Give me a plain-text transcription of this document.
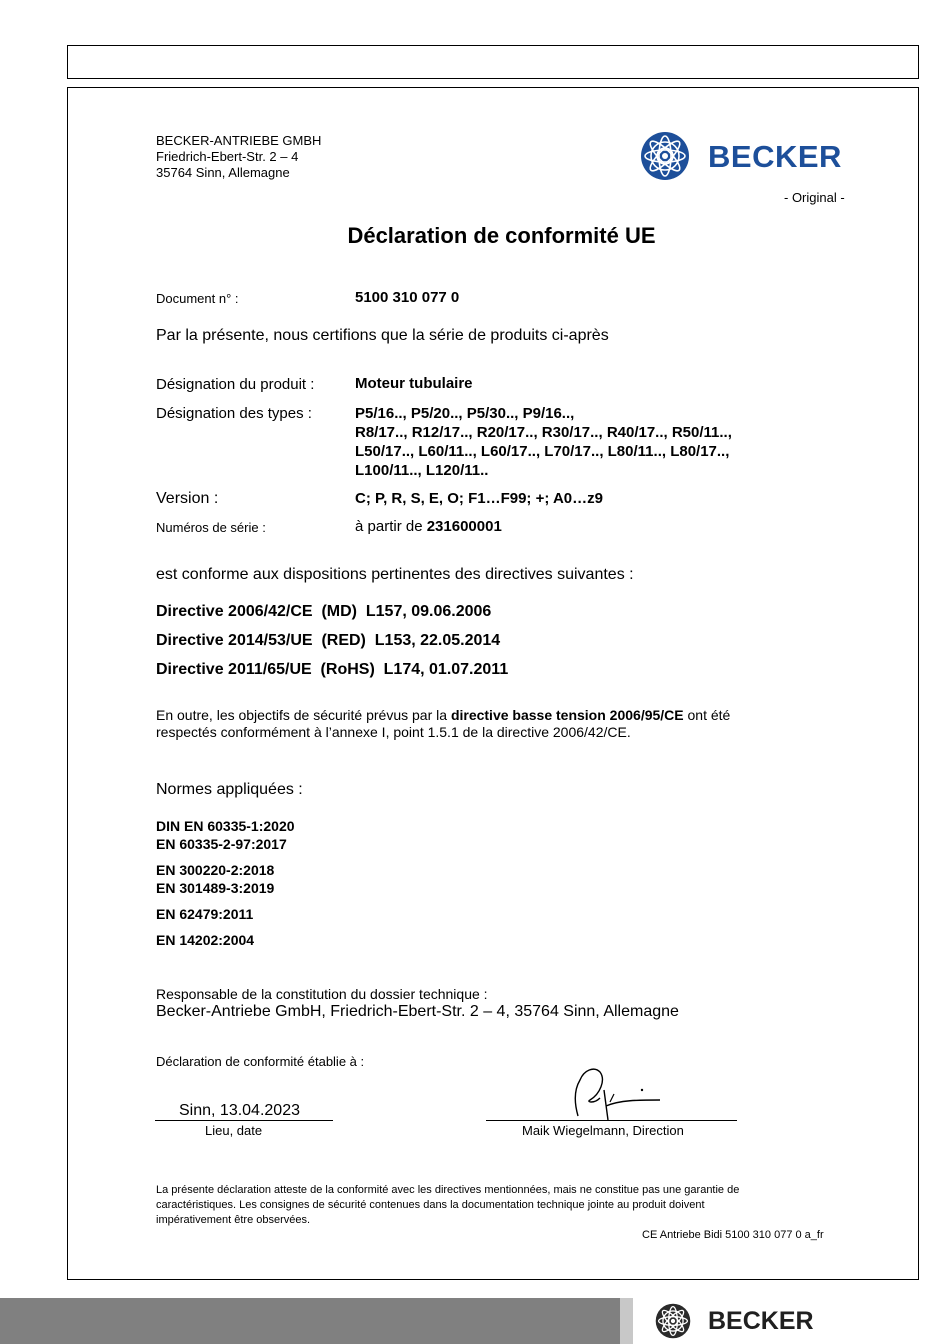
BECKER-ANTRIEBE GMBH
Friedrich-Ebert-Str. 2 – 4
35764 Sinn, Allemagne	BECKER
- Original -
Déclaration de conformité UE
Document n° :	5100 310 077 0
Par la présente, nous certifions que la série de produits ci-après
Désignation du produit :	Moteur tubulaire
Désignation des types :	P5/16.., P5/20.., P5/30.., P9/16..,
R8/17.., R12/17.., R20/17.., R30/17.., R40/17.., R50/11..,
L50/17.., L60/11.., L60/17.., L70/17.., L80/11.., L80/17..,
L100/11.., L120/11..
Version :	C; P, R, S, E, O; F1…F99; +; A0…z9
Numéros de série :	à partir de 231600001
est conforme aux dispositions pertinentes des directives suivantes :
Directive 2006/42/CE  (MD)  L157, 09.06.2006
Directive 2014/53/UE  (RED)  L153, 22.05.2014
Directive 2011/65/UE  (RoHS)  L174, 01.07.2011
En outre, les objectifs de sécurité prévus par la directive basse tension 2006/95/CE ont été
respectés conformément à l’annexe I, point 1.5.1 de la directive 2006/42/CE.
Normes appliquées :
DIN EN 60335-1:2020
EN 60335-2-97:2017
EN 300220-2:2018
EN 301489-3:2019
EN 62479:2011
EN 14202:2004
Responsable de la constitution du dossier technique :
Becker-Antriebe GmbH, Friedrich-Ebert-Str. 2 – 4, 35764 Sinn, Allemagne
Déclaration de conformité établie à :
Sinn, 13.04.2023
Lieu, date	Maik Wiegelmann, Direction
La présente déclaration atteste de la conformité avec les directives mentionnées, mais ne constitue pas une garantie de
caractéristiques. Les consignes de sécurité contenues dans la documentation technique jointe au produit doivent
impérativement être observées.
CE Antriebe Bidi 5100 310 077 0 a_fr
BECKER
